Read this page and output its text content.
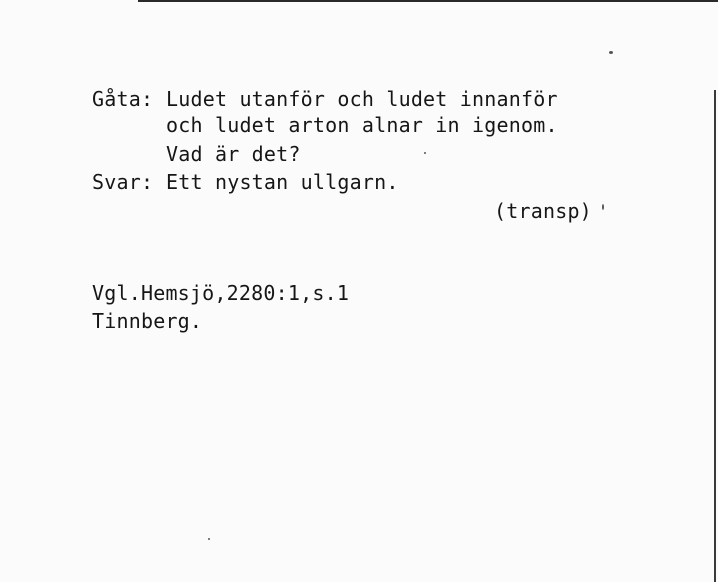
Gåta: Ludet utanför och ludet innanför
och ludet arton alnar in igenom.
Vad är det?
Svar: Ett nystan ullgarn.
(transp)
Vgl.Hemsjö,2280:1,s.1
Tinnberg.
